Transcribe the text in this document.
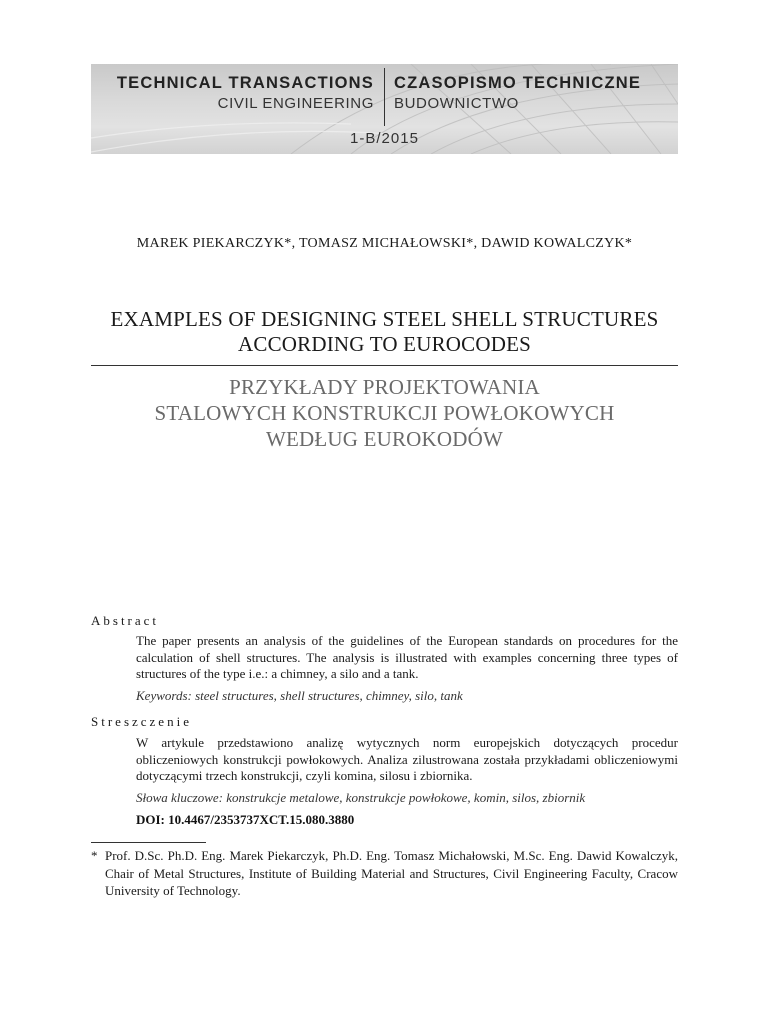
TECHNICAL TRANSACTIONS
CIVIL ENGINEERING
CZASOPISMO TECHNICZNE
BUDOWNICTWO
1-B/2015
MAREK PIEKARCZYK*, TOMASZ MICHAŁOWSKI*, DAWID KOWALCZYK*
EXAMPLES OF DESIGNING STEEL SHELL STRUCTURES
ACCORDING TO EUROCODES
PRZYKŁADY PROJEKTOWANIA
STALOWYCH KONSTRUKCJI POWŁOKOWYCH
WEDŁUG EUROKODÓW
Abstract
The paper presents an analysis of the guidelines of the European standards on procedures for the calculation of shell structures. The analysis is illustrated with examples concerning three types of structures of the type i.e.: a chimney, a silo and a tank.
Keywords: steel structures, shell structures, chimney, silo, tank
Streszczenie
W artykule przedstawiono analizę wytycznych norm europejskich dotyczących procedur obliczeniowych konstrukcji powłokowych. Analiza zilustrowana została przykładami obliczeniowymi dotyczącymi trzech konstrukcji, czyli komina, silosu i zbiornika.
Słowa kluczowe: konstrukcje metalowe, konstrukcje powłokowe, komin, silos, zbiornik
DOI: 10.4467/2353737XCT.15.080.3880
* Prof. D.Sc. Ph.D. Eng. Marek Piekarczyk, Ph.D. Eng. Tomasz Michałowski, M.Sc. Eng. Dawid Kowalczyk, Chair of Metal Structures, Institute of Building Material and Structures, Civil Engineering Faculty, Cracow University of Technology.
